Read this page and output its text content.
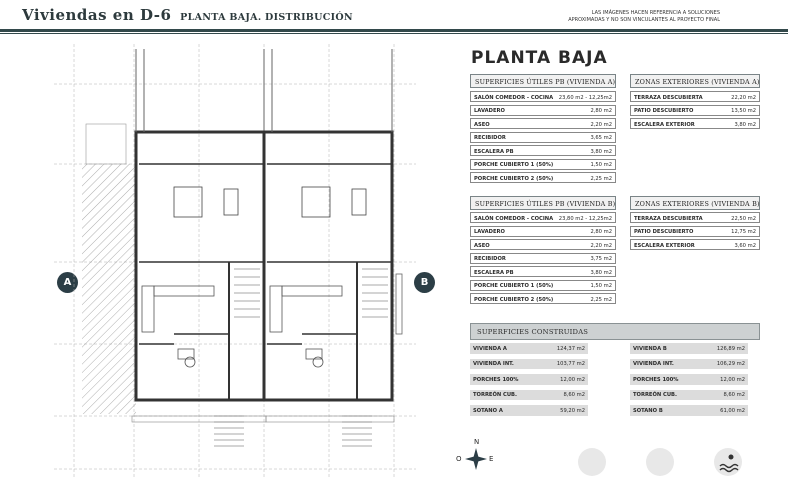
Viviendas en D-6 PLANTA BAJA. DISTRIBUCIÓN	LAS IMÁGENES HACEN REFERENCIA A SOLUCIONES
APROXIMADAS Y NO SON VINCULANTES AL PROYECTO FINAL
A	B
N
O	E
PLANTA BAJA
SUPERFICIES ÚTILES PB (VIVIENDA A)
SALÓN COMEDOR - COCINA 23,60 m2 - 12,25m2
LAVADERO	2,80 m2
ASEO	2,20 m2
RECIBIDOR	3,65 m2
ESCALERA PB	3,80 m2
PORCHE CUBIERTO 1 (50%)	1,50 m2
PORCHE CUBIERTO 2 (50%)	2,25 m2
ZONAS EXTERIORES (VIVIENDA A)
TERRAZA DESCUBIERTA	22,20 m2
PATIO DESCUBIERTO	13,50 m2
ESCALERA EXTERIOR	3,80 m2
SUPERFICIES ÚTILES PB (VIVIENDA B)
SALÓN COMEDOR - COCINA 23,80 m2 - 12,25m2
LAVADERO	2,80 m2
ASEO	2,20 m2
RECIBIDOR	3,75 m2
ESCALERA PB	3,80 m2
PORCHE CUBIERTO 1 (50%)	1,50 m2
PORCHE CUBIERTO 2 (50%)	2,25 m2
ZONAS EXTERIORES (VIVIENDA B)
TERRAZA DESCUBIERTA	22,50 m2
PATIO DESCUBIERTO	12,75 m2
ESCALERA EXTERIOR	3,60 m2
SUPERFICIES CONSTRUIDAS
VIVIENDA A	124,37 m2
VIVIENDA INT.	103,77 m2
PORCHES 100%	12,00 m2
TORREÓN CUB.	8,60 m2
SOTANO A	59,20 m2
VIVIENDA B	126,89 m2
VIVIENDA INT.	106,29 m2
PORCHES 100%	12,00 m2
TORREÓN CUB.	8,60 m2
SOTANO B	61,00 m2
